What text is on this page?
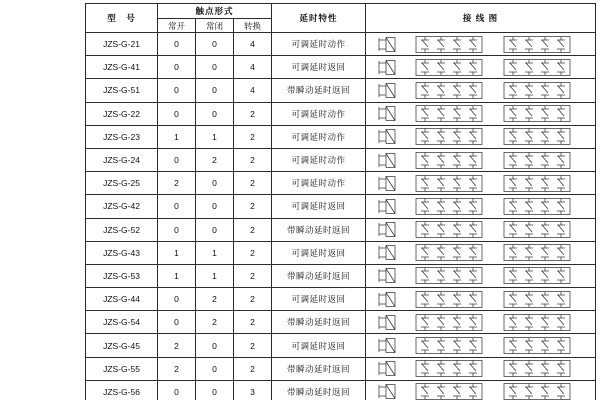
型　号	触点形式			延时特性	接 线 图
	常开	常闭	转换		
JZS-G-21	0	0	4	可调延时动作	

JZS-G-41	0	0	4	可调延时返回	

JZS-G-51	0	0	4	带瞬动延时返回	

JZS-G-22	0	0	2	可调延时动作	

JZS-G-23	1	1	2	可调延时动作	

JZS-G-24	0	2	2	可调延时动作	

JZS-G-25	2	0	2	可调延时动作	

JZS-G-42	0	0	2	可调延时返回	

JZS-G-52	0	0	2	带瞬动延时返回	

JZS-G-43	1	1	2	可调延时返回	

JZS-G-53	1	1	2	带瞬动延时返回	

JZS-G-44	0	2	2	可调延时返回	

JZS-G-54	0	2	2	带瞬动延时返回	

JZS-G-45	2	0	2	可调延时返回	

JZS-G-55	2	0	2	带瞬动延时返回	

JZS-G-56	0	0	3	带瞬动延时返回	
